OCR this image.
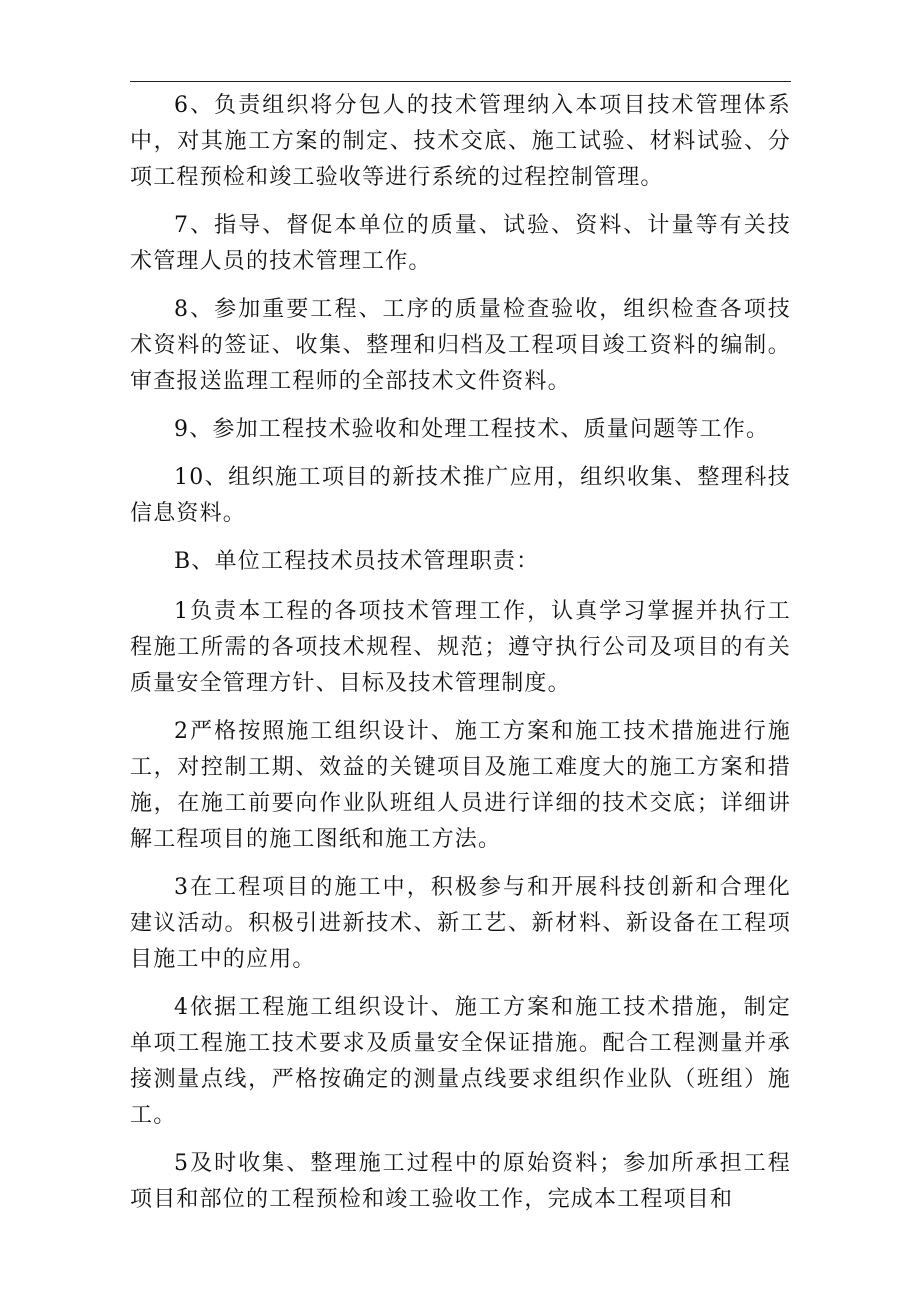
6、负责组织将分包人的技术管理纳入本项目技术管理体系中，对其施工方案的制定、技术交底、施工试验、材料试验、分项工程预检和竣工验收等进行系统的过程控制管理。

7、指导、督促本单位的质量、试验、资料、计量等有关技术管理人员的技术管理工作。

8、参加重要工程、工序的质量检查验收，组织检查各项技术资料的签证、收集、整理和归档及工程项目竣工资料的编制。审查报送监理工程师的全部技术文件资料。

9、参加工程技术验收和处理工程技术、质量问题等工作。

10、组织施工项目的新技术推广应用，组织收集、整理科技信息资料。

B、单位工程技术员技术管理职责：

1负责本工程的各项技术管理工作，认真学习掌握并执行工程施工所需的各项技术规程、规范；遵守执行公司及项目的有关质量安全管理方针、目标及技术管理制度。

2严格按照施工组织设计、施工方案和施工技术措施进行施工，对控制工期、效益的关键项目及施工难度大的施工方案和措施，在施工前要向作业队班组人员进行详细的技术交底；详细讲解工程项目的施工图纸和施工方法。

3在工程项目的施工中，积极参与和开展科技创新和合理化建议活动。积极引进新技术、新工艺、新材料、新设备在工程项目施工中的应用。

4依据工程施工组织设计、施工方案和施工技术措施，制定单项工程施工技术要求及质量安全保证措施。配合工程测量并承接测量点线，严格按确定的测量点线要求组织作业队（班组）施工。

5及时收集、整理施工过程中的原始资料；参加所承担工程项目和部位的工程预检和竣工验收工作，完成本工程项目和
